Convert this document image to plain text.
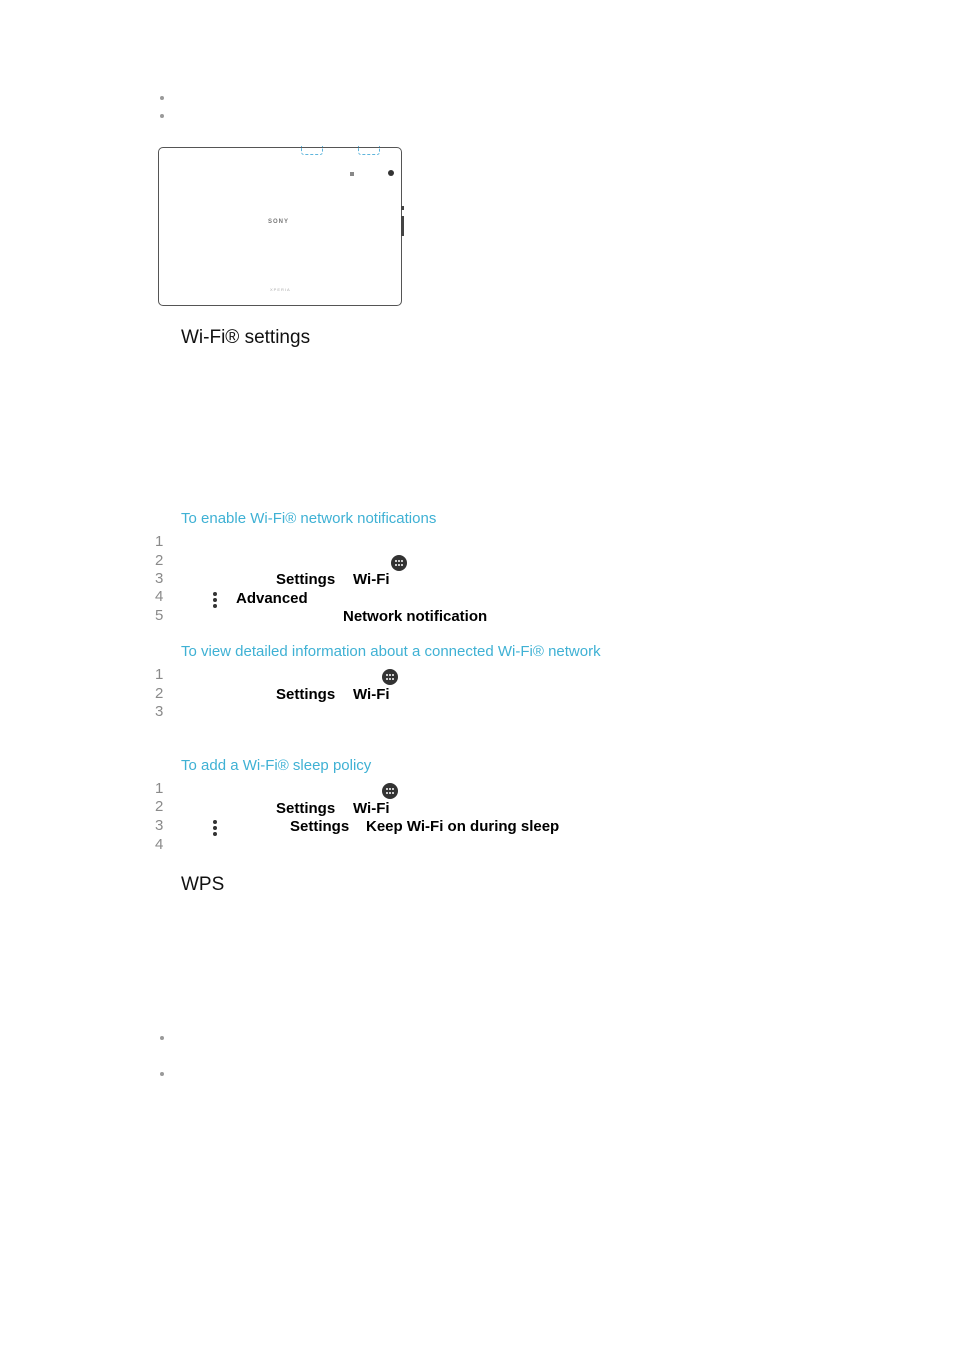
SONY
XPERIA
Wi-Fi® settings
To enable Wi-Fi® network notifications
1
2
3
4
5
Settings Wi-Fi
Advanced
Network notification
To view detailed information about a connected Wi-Fi® network
1
2
3
Settings Wi-Fi
To add a Wi-Fi® sleep policy
1
2
3
4
Settings Wi-Fi
Settings Keep Wi-Fi on during sleep
WPS
